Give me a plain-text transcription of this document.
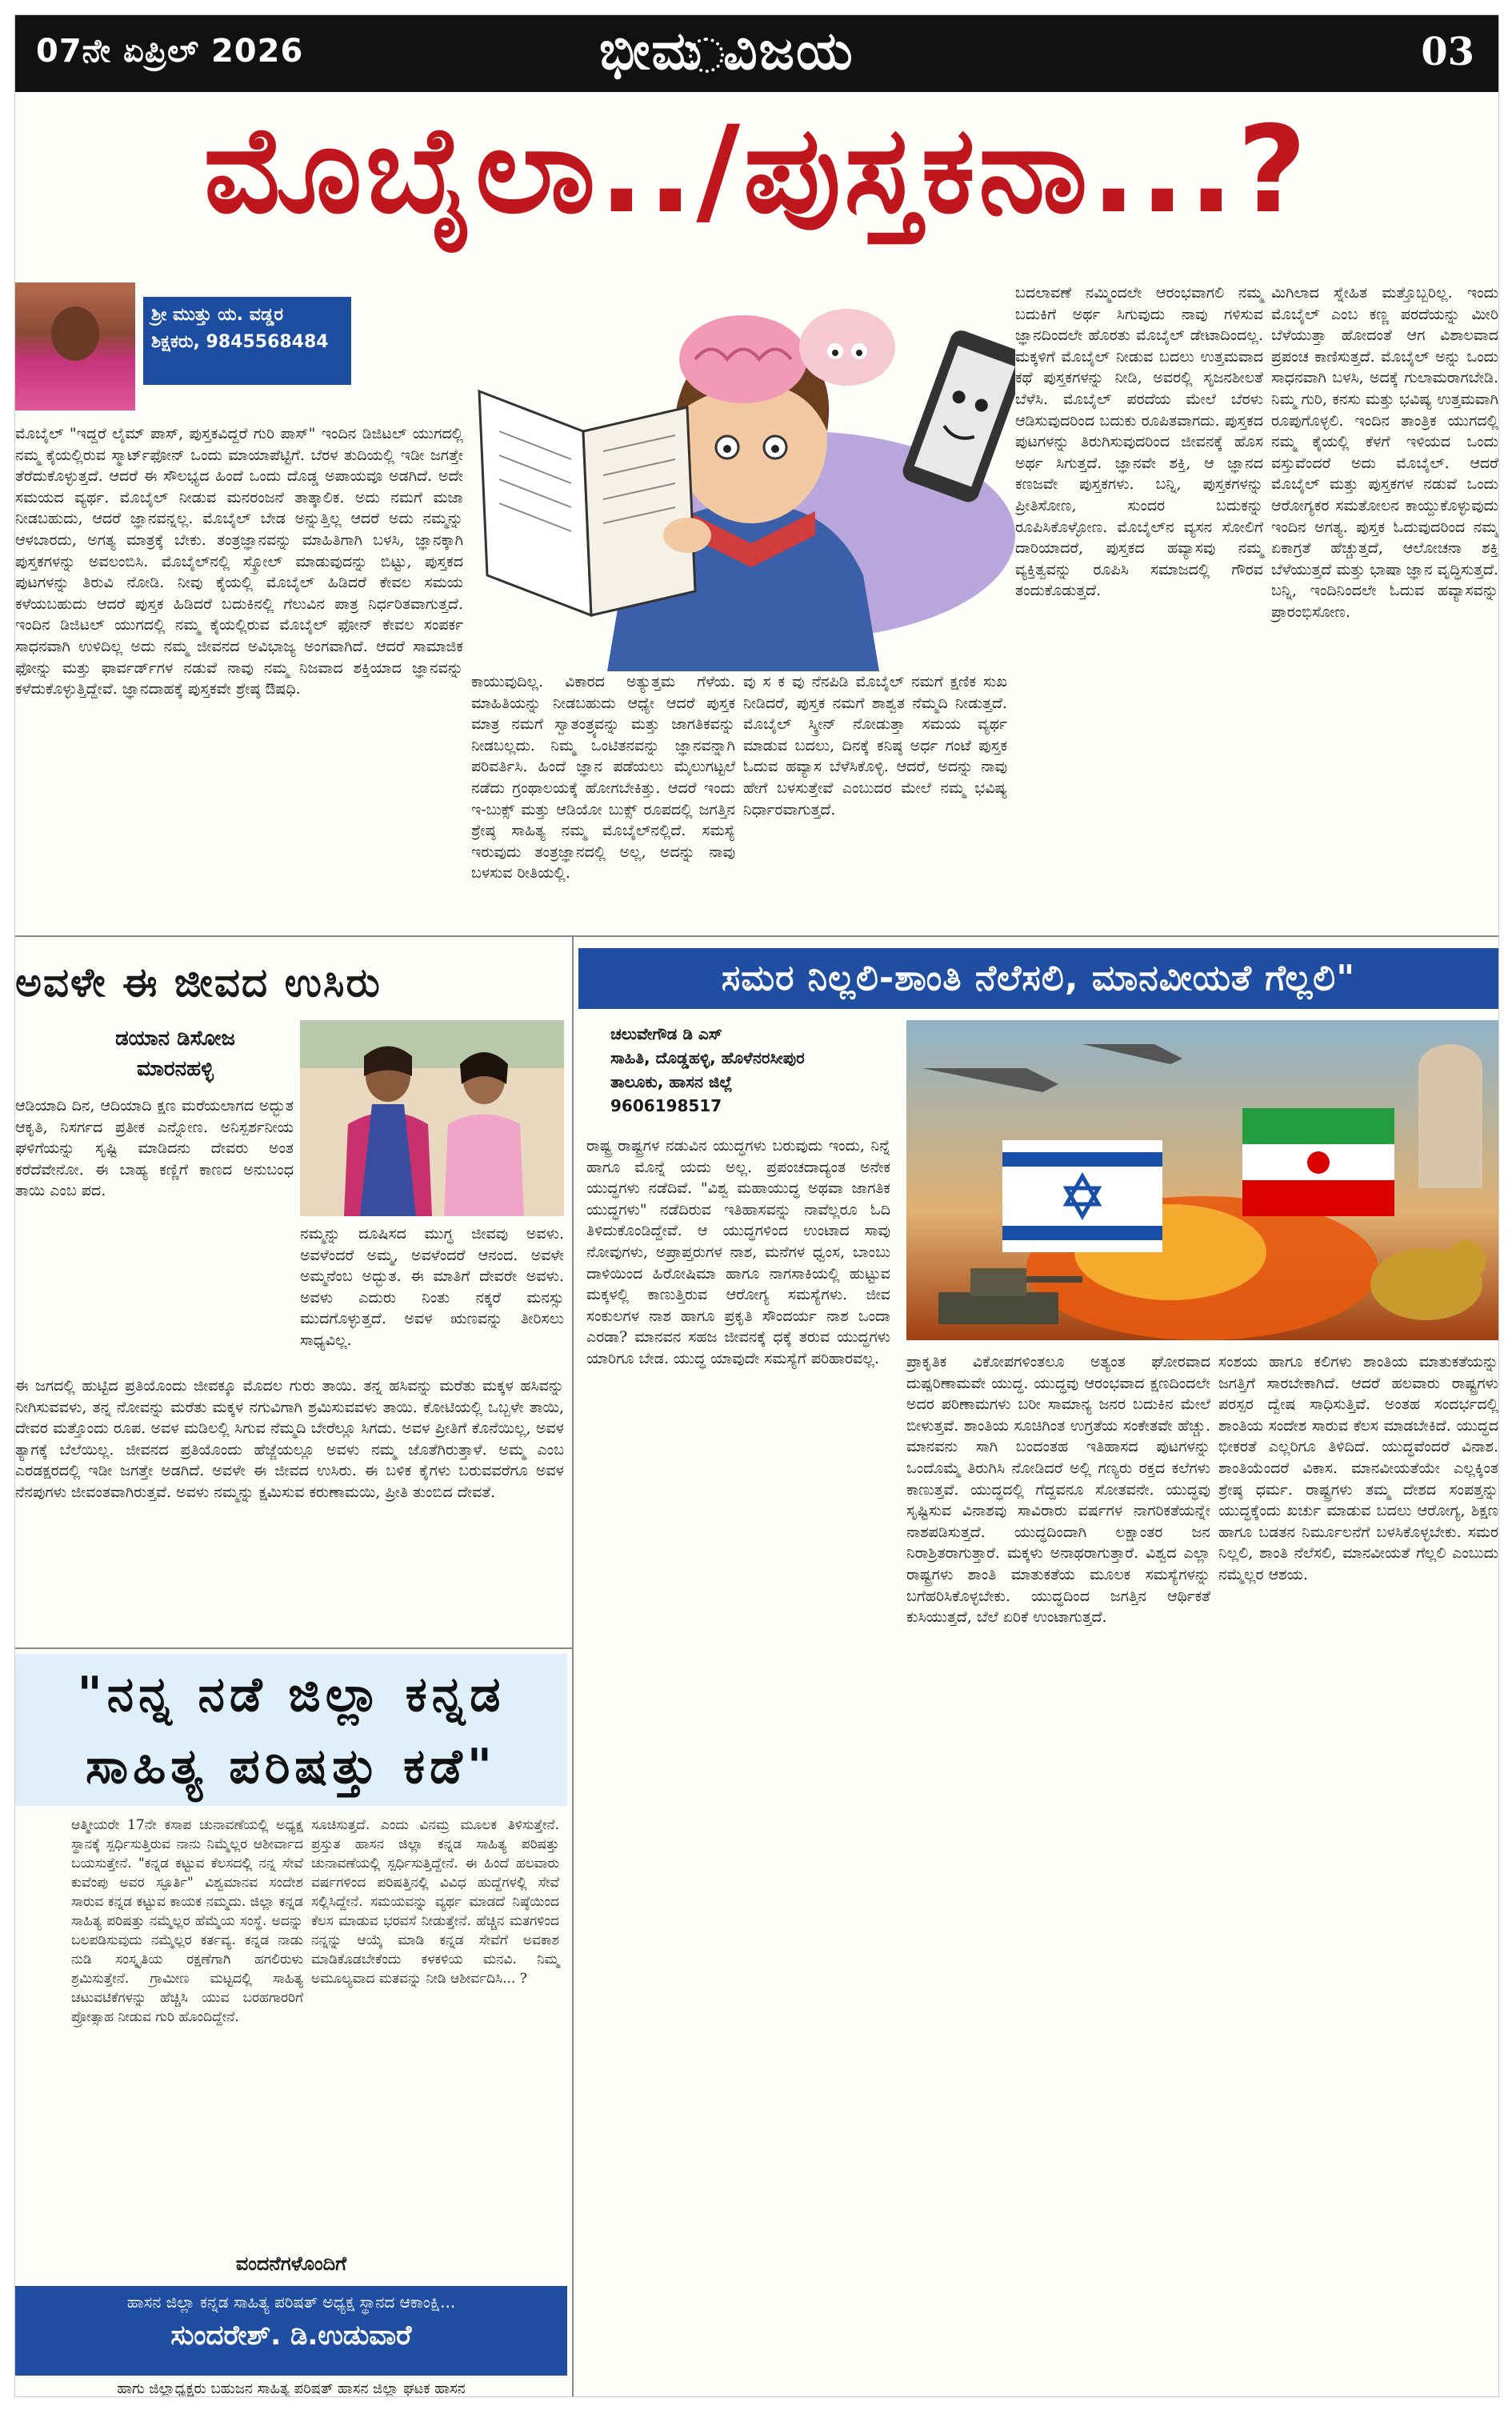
07ನೇ ಏಪ್ರಿಲ್ 2026	ಭೀಮ ವಿಜಯ	03
ಮೊಬೈಲಾ../ಪುಸ್ತಕನಾ...?
ಶ್ರೀ ಮುತ್ತು ಯ. ವಡ್ಡರ
ಶಿಕ್ಷಕರು, 9845568484
ಮೊಬೈಲ್ "ಇದ್ದರೆ ಲೈಮ್ ಪಾಸ್, ಪುಸ್ತಕವಿದ್ದರೆ ಗುರಿ ಪಾಸ್" ಇಂದಿನ ಡಿಜಿಟಲ್ ಯುಗದಲ್ಲಿ ನಮ್ಮ ಕೈಯಲ್ಲಿರುವ ಸ್ಮಾರ್ಟ್‌ಫೋನ್ ಒಂದು ಮಾಯಾಪೆಟ್ಟಿಗೆ. ಬೆರಳ ತುದಿಯಲ್ಲಿ ಇಡೀ ಜಗತ್ತೇ ತೆರೆದುಕೊಳ್ಳುತ್ತದೆ. ಆದರೆ ಈ ಸೌಲಭ್ಯದ ಹಿಂದೆ ಒಂದು ದೊಡ್ಡ ಅಪಾಯವೂ ಅಡಗಿದೆ. ಅದೇ ಸಮಯದ ವ್ಯರ್ಥ. ಮೊಬೈಲ್ ನೀಡುವ ಮನರಂಜನೆ ತಾತ್ಕಾಲಿಕ. ಅದು ನಮಗೆ ಮಜಾ ನೀಡಬಹುದು, ಆದರೆ ಜ್ಞಾನವನ್ನಲ್ಲ. ಮೊಬೈಲ್ ಬೇಡ ಅನ್ನುತ್ತಿಲ್ಲ ಆದರೆ ಅದು ನಮ್ಮನ್ನು ಆಳಬಾರದು, ಅಗತ್ಯ ಮಾತ್ರಕ್ಕೆ ಬೇಕು. ತಂತ್ರಜ್ಞಾನವನ್ನು ಮಾಹಿತಿಗಾಗಿ ಬಳಸಿ, ಜ್ಞಾನಕ್ಕಾಗಿ ಪುಸ್ತಕಗಳನ್ನು ಅವಲಂಬಿಸಿ. ಮೊಬೈಲ್‌ನಲ್ಲಿ ಸ್ಕ್ರೋಲ್ ಮಾಡುವುದನ್ನು ಬಿಟ್ಟು, ಪುಸ್ತಕದ ಪುಟಗಳನ್ನು ತಿರುವಿ ನೋಡಿ. ನೀವು ಕೈಯಲ್ಲಿ ಮೊಬೈಲ್ ಹಿಡಿದರೆ ಕೇವಲ ಸಮಯ ಕಳೆಯಬಹುದು ಆದರೆ ಪುಸ್ತಕ ಹಿಡಿದರೆ ಬದುಕಿನಲ್ಲಿ ಗೆಲುವಿನ ಪಾತ್ರ ನಿರ್ಧರಿತವಾಗುತ್ತದೆ. ಇಂದಿನ ಡಿಜಿಟಲ್ ಯುಗದಲ್ಲಿ ನಮ್ಮ ಕೈಯಲ್ಲಿರುವ ಮೊಬೈಲ್ ಫೋನ್ ಕೇವಲ ಸಂಪರ್ಕ ಸಾಧನವಾಗಿ ಉಳಿದಿಲ್ಲ ಅದು ನಮ್ಮ ಜೀವನದ ಅವಿಭಾಜ್ಯ ಅಂಗವಾಗಿದೆ. ಆದರೆ ಸಾಮಾಜಿಕ ಫೋನ್ನು ಮತ್ತು ಫಾರ್ವರ್ಡ್‌ಗಳ ನಡುವೆ ನಾವು ನಮ್ಮ ನಿಜವಾದ ಶಕ್ತಿಯಾದ ಜ್ಞಾನವನ್ನು ಕಳೆದುಕೊಳ್ಳುತ್ತಿದ್ದೇವೆ. ಜ್ಞಾನದಾಹಕ್ಕೆ ಪುಸ್ತಕವೇ ಶ್ರೇಷ್ಠ ಔಷಧಿ.	ಕಾಯುವುದಿಲ್ಲ. ವಿಕಾರದ ಅತ್ಯುತ್ತಮ ಗೆಳೆಯ. ಮಾಹಿತಿಯನ್ನು ನೀಡಬಹುದು ಆಧ್ಯೇ ಆದರೆ ಪುಸ್ತಕ ಮಾತ್ರ ನಮಗೆ ಸ್ವಾತಂತ್ರ್ಯವನ್ನು ಮತ್ತು ಜಾಗತಿಕವನ್ನು ನೀಡಬಲ್ಲದು. ನಿಮ್ಮ ಒಂಟಿತನವನ್ನು ಜ್ಞಾನವನ್ನಾಗಿ ಪರಿವರ್ತಿಸಿ. ಹಿಂದೆ ಜ್ಞಾನ ಪಡೆಯಲು ಮೈಲುಗಟ್ಟಲೆ ನಡೆದು ಗ್ರಂಥಾಲಯಕ್ಕೆ ಹೋಗಬೇಕಿತ್ತು. ಆದರೆ ಇಂದು ಇ-ಬುಕ್ಸ್ ಮತ್ತು ಆಡಿಯೋ ಬುಕ್ಸ್ ರೂಪದಲ್ಲಿ ಜಗತ್ತಿನ ಶ್ರೇಷ್ಠ ಸಾಹಿತ್ಯ ನಮ್ಮ ಮೊಬೈಲ್‌ನಲ್ಲಿದೆ. ಸಮಸ್ಯೆ ಇರುವುದು ತಂತ್ರಜ್ಞಾನದಲ್ಲಿ ಅಲ್ಲ, ಅದನ್ನು ನಾವು ಬಳಸುವ ರೀತಿಯಲ್ಲಿ.
ವು ಸ ಕ ವು ನೆನಪಿಡಿ ಮೊಬೈಲ್ ನಮಗೆ ಕ್ಷಣಿಕ ಸುಖ ನೀಡಿದರೆ, ಪುಸ್ತಕ ನಮಗೆ ಶಾಶ್ವತ ನೆಮ್ಮದಿ ನೀಡುತ್ತದೆ. ಮೊಬೈಲ್ ಸ್ಕ್ರೀನ್ ನೋಡುತ್ತಾ ಸಮಯ ವ್ಯರ್ಥ ಮಾಡುವ ಬದಲು, ದಿನಕ್ಕೆ ಕನಿಷ್ಠ ಅರ್ಧ ಗಂಟೆ ಪುಸ್ತಕ ಓದುವ ಹವ್ಯಾಸ ಬೆಳೆಸಿಕೊಳ್ಳಿ. ಆದರೆ, ಅದನ್ನು ನಾವು ಹೇಗೆ ಬಳಸುತ್ತೇವೆ ಎಂಬುದರ ಮೇಲೆ ನಮ್ಮ ಭವಿಷ್ಯ ನಿರ್ಧಾರವಾಗುತ್ತದೆ.
ಬದಲಾವಣೆ ನಮ್ಮಿಂದಲೇ ಆರಂಭವಾಗಲಿ ನಮ್ಮ ಬದುಕಿಗೆ ಅರ್ಥ ಸಿಗುವುದು ನಾವು ಗಳಿಸುವ ಜ್ಞಾನದಿಂದಲೇ ಹೊರತು ಮೊಬೈಲ್ ಡೇಟಾದಿಂದಲ್ಲ. ಮಕ್ಕಳಿಗೆ ಮೊಬೈಲ್ ನೀಡುವ ಬದಲು ಉತ್ತಮವಾದ ಕಥೆ ಪುಸ್ತಕಗಳನ್ನು ನೀಡಿ, ಅವರಲ್ಲಿ ಸೃಜನಶೀಲತೆ ಬೆಳೆಸಿ. ಮೊಬೈಲ್ ಪರದೆಯ ಮೇಲೆ ಬೆರಳು ಆಡಿಸುವುದರಿಂದ ಬದುಕು ರೂಪಿತವಾಗದು. ಪುಸ್ತಕದ ಪುಟಗಳನ್ನು ತಿರುಗಿಸುವುದರಿಂದ ಜೀವನಕ್ಕೆ ಹೊಸ ಅರ್ಥ ಸಿಗುತ್ತದೆ. ಜ್ಞಾನವೇ ಶಕ್ತಿ, ಆ ಜ್ಞಾನದ ಕಣಜವೇ ಪುಸ್ತಕಗಳು. ಬನ್ನಿ, ಪುಸ್ತಕಗಳನ್ನು ಪ್ರೀತಿಸೋಣ, ಸುಂದರ ಬದುಕನ್ನು ರೂಪಿಸಿಕೊಳ್ಳೋಣ. ಮೊಬೈಲ್‌ನ ವ್ಯಸನ ಸೋಲಿಗೆ ದಾರಿಯಾದರೆ, ಪುಸ್ತಕದ ಹವ್ಯಾಸವು ನಮ್ಮ ವ್ಯಕ್ತಿತ್ವವನ್ನು ರೂಪಿಸಿ ಸಮಾಜದಲ್ಲಿ ಗೌರವ ತಂದುಕೊಡುತ್ತದೆ.
ಮಿಗಿಲಾದ ಸ್ನೇಹಿತ ಮತ್ತೊಬ್ಬರಿಲ್ಲ. ಇಂದು ಮೊಬೈಲ್ ಎಂಬ ಕಣ್ಣ ಪರದೆಯನ್ನು ಮೀರಿ ಬೆಳೆಯುತ್ತಾ ಹೋದಂತೆ ಆಗ ವಿಶಾಲವಾದ ಪ್ರಪಂಚ ಕಾಣಿಸುತ್ತದೆ. ಮೊಬೈಲ್ ಅನ್ನು ಒಂದು ಸಾಧನವಾಗಿ ಬಳಸಿ, ಅದಕ್ಕೆ ಗುಲಾಮರಾಗಬೇಡಿ. ನಿಮ್ಮ ಗುರಿ, ಕನಸು ಮತ್ತು ಭವಿಷ್ಯ ಉತ್ತಮವಾಗಿ ರೂಪುಗೊಳ್ಳಲಿ. ಇಂದಿನ ತಾಂತ್ರಿಕ ಯುಗದಲ್ಲಿ ನಮ್ಮ ಕೈಯಲ್ಲಿ ಕೆಳಗೆ ಇಳಿಯದ ಒಂದು ವಸ್ತುವೆಂದರೆ ಅದು ಮೊಬೈಲ್. ಆದರೆ ಮೊಬೈಲ್ ಮತ್ತು ಪುಸ್ತಕಗಳ ನಡುವೆ ಒಂದು ಆರೋಗ್ಯಕರ ಸಮತೋಲನ ಕಾಯ್ದುಕೊಳ್ಳುವುದು ಇಂದಿನ ಅಗತ್ಯ. ಪುಸ್ತಕ ಓದುವುದರಿಂದ ನಮ್ಮ ಏಕಾಗ್ರತೆ ಹೆಚ್ಚುತ್ತದೆ, ಆಲೋಚನಾ ಶಕ್ತಿ ಬೆಳೆಯುತ್ತದೆ ಮತ್ತು ಭಾಷಾ ಜ್ಞಾನ ವೃದ್ಧಿಸುತ್ತದೆ. ಬನ್ನಿ, ಇಂದಿನಿಂದಲೇ ಓದುವ ಹವ್ಯಾಸವನ್ನು ಪ್ರಾರಂಭಿಸೋಣ.
ಅವಳೇ ಈ ಜೀವದ ಉಸಿರು
ಡಯಾನ ಡಿಸೋಜ
ಮಾರನಹಳ್ಳಿ
ಆಡಿಯಾದಿ ದಿನ, ಆದಿಯಾದಿ ಕ್ಷಣ ಮರೆಯಲಾಗದ ಅದ್ಭುತ ಆಕೃತಿ, ನಿಸರ್ಗದ ಪ್ರತೀಕ ಎನ್ನೋಣ. ಅನಿಸ್ಪರ್ಶನೀಯ ಘಳಿಗೆಯನ್ನು ಸೃಷ್ಟಿ ಮಾಡಿದನು ದೇವರು ಅಂತ ಕರೆದೆವೇನೋ. ಈ ಬಾಹ್ಯ ಕಣ್ಣಿಗೆ ಕಾಣದ ಅನುಬಂಧ ತಾಯಿ ಎಂಬ ಪದ.
ನಮ್ಮನ್ನು ದೂಷಿಸದ ಮುಗ್ಧ ಜೀವವು ಅವಳು. ಅವಳೆಂದರೆ ಅಮ್ಮ, ಅವಳೆಂದರೆ ಆನಂದ. ಅವಳೇ ಅಮ್ಮನೆಂಬ ಅದ್ಭುತ. ಈ ಮಾತಿಗೆ ದೇವರೇ ಅವಳು. ಅವಳು ಎದುರು ನಿಂತು ನಕ್ಕರೆ ಮನಸ್ಸು ಮುದಗೊಳ್ಳುತ್ತದೆ. ಅವಳ ಋಣವನ್ನು ತೀರಿಸಲು ಸಾಧ್ಯವಿಲ್ಲ.
ಈ ಜಗದಲ್ಲಿ ಹುಟ್ಟಿದ ಪ್ರತಿಯೊಂದು ಜೀವಕ್ಕೂ ಮೊದಲ ಗುರು ತಾಯಿ. ತನ್ನ ಹಸಿವನ್ನು ಮರೆತು ಮಕ್ಕಳ ಹಸಿವನ್ನು ನೀಗಿಸುವವಳು, ತನ್ನ ನೋವನ್ನು ಮರೆತು ಮಕ್ಕಳ ನಗುವಿಗಾಗಿ ಶ್ರಮಿಸುವವಳು ತಾಯಿ. ಕೋಟಿಯಲ್ಲಿ ಒಬ್ಬಳೇ ತಾಯಿ, ದೇವರ ಮತ್ತೊಂದು ರೂಪ. ಅವಳ ಮಡಿಲಲ್ಲಿ ಸಿಗುವ ನೆಮ್ಮದಿ ಬೇರೆಲ್ಲೂ ಸಿಗದು. ಅವಳ ಪ್ರೀತಿಗೆ ಕೊನೆಯಿಲ್ಲ, ಅವಳ ತ್ಯಾಗಕ್ಕೆ ಬೆಲೆಯಿಲ್ಲ. ಜೀವನದ ಪ್ರತಿಯೊಂದು ಹೆಜ್ಜೆಯಲ್ಲೂ ಅವಳು ನಮ್ಮ ಜೊತೆಗಿರುತ್ತಾಳೆ. ಅಮ್ಮ ಎಂಬ ಎರಡಕ್ಷರದಲ್ಲಿ ಇಡೀ ಜಗತ್ತೇ ಅಡಗಿದೆ. ಅವಳೇ ಈ ಜೀವದ ಉಸಿರು. ಈ ಬಳಿಕ ಕೈಗಳು ಬರುವವರೆಗೂ ಅವಳ ನೆನಪುಗಳು ಜೀವಂತವಾಗಿರುತ್ತವೆ. ಅವಳು ನಮ್ಮನ್ನು ಕ್ಷಮಿಸುವ ಕರುಣಾಮಯಿ, ಪ್ರೀತಿ ತುಂಬಿದ ದೇವತೆ.
ಸಮರ ನಿಲ್ಲಲಿ-ಶಾಂತಿ ನೆಲೆಸಲಿ, ಮಾನವೀಯತೆ ಗೆಲ್ಲಲಿ"
ಚಲುವೇಗೌಡ ಡಿ ಎಸ್
ಸಾಹಿತಿ, ದೊಡ್ಡಹಳ್ಳಿ, ಹೊಳೆನರಸೀಪುರ
ತಾಲೂಕು, ಹಾಸನ ಜಿಲ್ಲೆ
9606198517
ರಾಷ್ಟ್ರ ರಾಷ್ಟ್ರಗಳ ನಡುವಿನ ಯುದ್ಧಗಳು ಬರುವುದು ಇಂದು, ನಿನ್ನೆ ಹಾಗೂ ಮೊನ್ನೆ ಯದು ಅಲ್ಲ. ಪ್ರಪಂಚದಾದ್ಯಂತ ಅನೇಕ ಯುದ್ಧಗಳು ನಡೆದಿವೆ. "ವಿಶ್ವ ಮಹಾಯುದ್ಧ ಅಥವಾ ಜಾಗತಿಕ ಯುದ್ಧಗಳು" ನಡೆದಿರುವ ಇತಿಹಾಸವನ್ನು ನಾವೆಲ್ಲರೂ ಓದಿ ತಿಳಿದುಕೊಂಡಿದ್ದೇವೆ. ಆ ಯುದ್ಧಗಳಿಂದ ಉಂಟಾದ ಸಾವು ನೋವುಗಳು, ಅಪ್ರಾಪ್ತರುಗಳ ನಾಶ, ಮನೆಗಳ ಧ್ವಂಸ, ಬಾಂಬು ದಾಳಿಯಿಂದ ಹಿರೋಷಿಮಾ ಹಾಗೂ ನಾಗಸಾಕಿಯಲ್ಲಿ ಹುಟ್ಟುವ ಮಕ್ಕಳಲ್ಲಿ ಕಾಣುತ್ತಿರುವ ಆರೋಗ್ಯ ಸಮಸ್ಯೆಗಳು. ಜೀವ ಸಂಕುಲಗಳ ನಾಶ ಹಾಗೂ ಪ್ರಕೃತಿ ಸೌಂದರ್ಯ ನಾಶ ಒಂದಾ ಎರಡಾ? ಮಾನವನ ಸಹಜ ಜೀವನಕ್ಕೆ ಧಕ್ಕೆ ತರುವ ಯುದ್ಧಗಳು ಯಾರಿಗೂ ಬೇಡ. ಯುದ್ಧ ಯಾವುದೇ ಸಮಸ್ಯೆಗೆ ಪರಿಹಾರವಲ್ಲ.	ಪ್ರಾಕೃತಿಕ ವಿಕೋಪಗಳಿಂತಲೂ ಅತ್ಯಂತ ಘೋರವಾದ ದುಷ್ಪರಿಣಾಮವೇ ಯುದ್ಧ. ಯುದ್ಧವು ಆರಂಭವಾದ ಕ್ಷಣದಿಂದಲೇ ಅದರ ಪರಿಣಾಮಗಳು ಬರೀ ಸಾಮಾನ್ಯ ಜನರ ಬದುಕಿನ ಮೇಲೆ ಬೀಳುತ್ತವೆ. ಶಾಂತಿಯ ಸೂಚಿಗಿಂತ ಉಗ್ರತೆಯ ಸಂಕೇತವೇ ಹೆಚ್ಚು. ಮಾನವನು ಸಾಗಿ ಬಂದಂತಹ ಇತಿಹಾಸದ ಪುಟಗಳನ್ನು ಒಂದೊಮ್ಮೆ ತಿರುಗಿಸಿ ನೋಡಿದರೆ ಅಲ್ಲಿ ಗಣ್ಯರು ರಕ್ತದ ಕಲೆಗಳು ಕಾಣುತ್ತವೆ. ಯುದ್ಧದಲ್ಲಿ ಗೆದ್ದವನೂ ಸೋತವನೇ. ಯುದ್ಧವು ಸೃಷ್ಟಿಸುವ ವಿನಾಶವು ಸಾವಿರಾರು ವರ್ಷಗಳ ನಾಗರಿಕತೆಯನ್ನೇ ನಾಶಪಡಿಸುತ್ತದೆ. ಯುದ್ಧದಿಂದಾಗಿ ಲಕ್ಷಾಂತರ ಜನ ನಿರಾಶ್ರಿತರಾಗುತ್ತಾರೆ. ಮಕ್ಕಳು ಅನಾಥರಾಗುತ್ತಾರೆ. ವಿಶ್ವದ ಎಲ್ಲಾ ರಾಷ್ಟ್ರಗಳು ಶಾಂತಿ ಮಾತುಕತೆಯ ಮೂಲಕ ಸಮಸ್ಯೆಗಳನ್ನು ಬಗೆಹರಿಸಿಕೊಳ್ಳಬೇಕು. ಯುದ್ಧದಿಂದ ಜಗತ್ತಿನ ಆರ್ಥಿಕತೆ ಕುಸಿಯುತ್ತದೆ, ಬೆಲೆ ಏರಿಕೆ ಉಂಟಾಗುತ್ತದೆ.
ಸಂಶಯ ಹಾಗೂ ಕಲಿಗಳು ಶಾಂತಿಯ ಮಾತುಕತೆಯನ್ನು ಜಗತ್ತಿಗೆ ಸಾರಬೇಕಾಗಿದೆ. ಆದರೆ ಹಲವಾರು ರಾಷ್ಟ್ರಗಳು ಪರಸ್ಪರ ದ್ವೇಷ ಸಾಧಿಸುತ್ತಿವೆ. ಅಂತಹ ಸಂದರ್ಭದಲ್ಲಿ ಶಾಂತಿಯ ಸಂದೇಶ ಸಾರುವ ಕೆಲಸ ಮಾಡಬೇಕಿದೆ. ಯುದ್ಧದ ಭೀಕರತೆ ಎಲ್ಲರಿಗೂ ತಿಳಿದಿದೆ. ಯುದ್ಧವೆಂದರೆ ವಿನಾಶ. ಶಾಂತಿಯೆಂದರೆ ವಿಕಾಸ. ಮಾನವೀಯತೆಯೇ ಎಲ್ಲಕ್ಕಿಂತ ಶ್ರೇಷ್ಠ ಧರ್ಮ. ರಾಷ್ಟ್ರಗಳು ತಮ್ಮ ದೇಶದ ಸಂಪತ್ತನ್ನು ಯುದ್ಧಕ್ಕೆಂದು ಖರ್ಚು ಮಾಡುವ ಬದಲು ಆರೋಗ್ಯ, ಶಿಕ್ಷಣ ಹಾಗೂ ಬಡತನ ನಿರ್ಮೂಲನೆಗೆ ಬಳಸಿಕೊಳ್ಳಬೇಕು. ಸಮರ ನಿಲ್ಲಲಿ, ಶಾಂತಿ ನೆಲೆಸಲಿ, ಮಾನವೀಯತೆ ಗೆಲ್ಲಲಿ ಎಂಬುದು ನಮ್ಮೆಲ್ಲರ ಆಶಯ.
"ನನ್ನ ನಡೆ ಜಿಲ್ಲಾ ಕನ್ನಡ
ಸಾಹಿತ್ಯ ಪರಿಷತ್ತು ಕಡೆ"
ಆತ್ಮೀಯರೇ 17ನೇ ಕಸಾಪ ಚುನಾವಣೆಯಲ್ಲಿ ಅಧ್ಯಕ್ಷ ಸ್ಥಾನಕ್ಕೆ ಸ್ಪರ್ಧಿಸುತ್ತಿರುವ ನಾನು ನಿಮ್ಮೆಲ್ಲರ ಆಶೀರ್ವಾದ ಬಯಸುತ್ತೇನೆ. "ಕನ್ನಡ ಕಟ್ಟುವ ಕೆಲಸದಲ್ಲಿ ನನ್ನ ಸೇವೆ ಕುವೆಂಪು ಅವರ ಸ್ಫೂರ್ತಿ" ವಿಶ್ವಮಾನವ ಸಂದೇಶ ಸಾರುವ ಕನ್ನಡ ಕಟ್ಟುವ ಕಾಯಕ ನಮ್ಮದು. ಜಿಲ್ಲಾ ಕನ್ನಡ ಸಾಹಿತ್ಯ ಪರಿಷತ್ತು ನಮ್ಮೆಲ್ಲರ ಹೆಮ್ಮೆಯ ಸಂಸ್ಥೆ. ಅದನ್ನು ಬಲಪಡಿಸುವುದು ನಮ್ಮೆಲ್ಲರ ಕರ್ತವ್ಯ. ಕನ್ನಡ ನಾಡು ನುಡಿ ಸಂಸ್ಕೃತಿಯ ರಕ್ಷಣೆಗಾಗಿ ಹಗಲಿರುಳು ಶ್ರಮಿಸುತ್ತೇನೆ. ಗ್ರಾಮೀಣ ಮಟ್ಟದಲ್ಲಿ ಸಾಹಿತ್ಯ ಚಟುವಟಿಕೆಗಳನ್ನು ಹೆಚ್ಚಿಸಿ ಯುವ ಬರಹಗಾರರಿಗೆ ಪ್ರೋತ್ಸಾಹ ನೀಡುವ ಗುರಿ ಹೊಂದಿದ್ದೇನೆ.
ಸೂಚಿಸುತ್ತದೆ. ಎಂದು ವಿನಮ್ರ ಮೂಲಕ ತಿಳಿಸುತ್ತೇನೆ. ಪ್ರಸ್ತುತ ಹಾಸನ ಜಿಲ್ಲಾ ಕನ್ನಡ ಸಾಹಿತ್ಯ ಪರಿಷತ್ತು ಚುನಾವಣೆಯಲ್ಲಿ ಸ್ಪರ್ಧಿಸುತ್ತಿದ್ದೇನೆ. ಈ ಹಿಂದೆ ಹಲವಾರು ವರ್ಷಗಳಿಂದ ಪರಿಷತ್ತಿನಲ್ಲಿ ವಿವಿಧ ಹುದ್ದೆಗಳಲ್ಲಿ ಸೇವೆ ಸಲ್ಲಿಸಿದ್ದೇನೆ. ಸಮಯವನ್ನು ವ್ಯರ್ಥ ಮಾಡದೆ ನಿಷ್ಠೆಯಿಂದ ಕೆಲಸ ಮಾಡುವ ಭರವಸೆ ನೀಡುತ್ತೇನೆ. ಹೆಚ್ಚಿನ ಮತಗಳಿಂದ ನನ್ನನ್ನು ಆಯ್ಕೆ ಮಾಡಿ ಕನ್ನಡ ಸೇವೆಗೆ ಅವಕಾಶ ಮಾಡಿಕೊಡಬೇಕೆಂದು ಕಳಕಳಿಯ ಮನವಿ. ನಿಮ್ಮ ಅಮೂಲ್ಯವಾದ ಮತವನ್ನು ನೀಡಿ ಆಶೀರ್ವದಿಸಿ... ?
ವಂದನೆಗಳೊಂದಿಗೆ
ಹಾಸನ ಜಿಲ್ಲಾ ಕನ್ನಡ ಸಾಹಿತ್ಯ ಪರಿಷತ್ ಅಧ್ಯಕ್ಷ ಸ್ಥಾನದ ಆಕಾಂಕ್ಷಿ...
ಸುಂದರೇಶ್. ಡಿ.ಉಡುವಾರೆ
ಹಾಗು ಜಿಲ್ಲಾಧ್ಯಕ್ಷರು ಬಹುಜನ ಸಾಹಿತ್ಯ ಪರಿಷತ್ ಹಾಸನ ಜಿಲ್ಲಾ ಘಟಕ ಹಾಸನ
